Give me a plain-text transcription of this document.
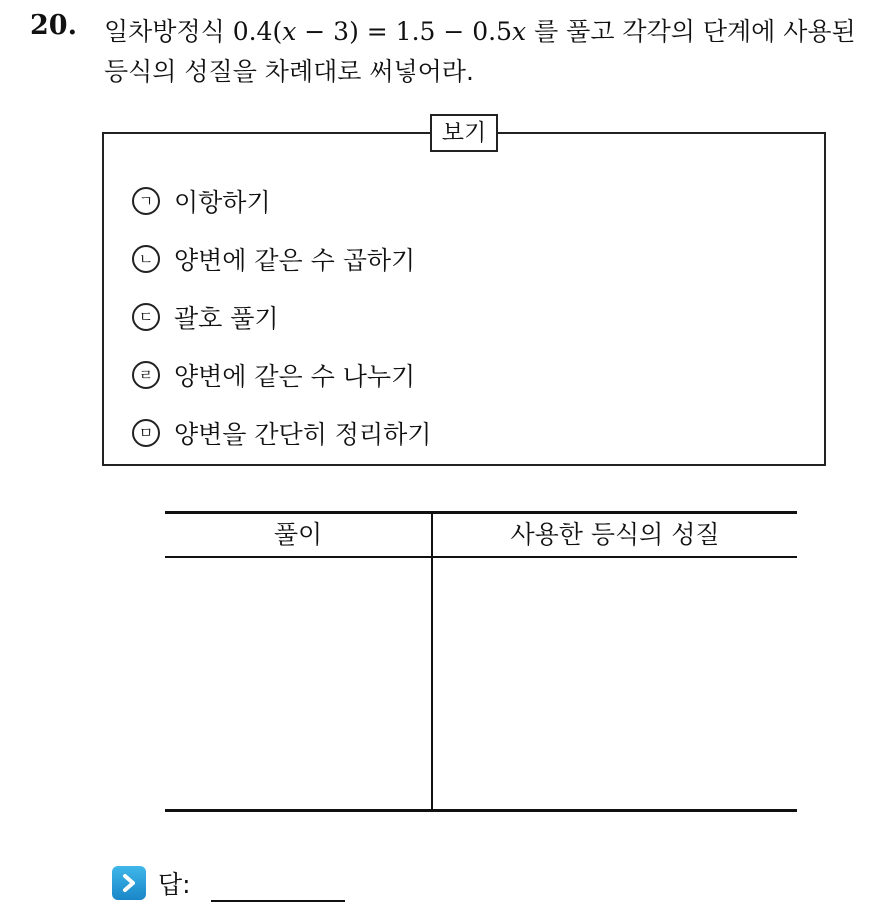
20. 일차방정식 0.4(x − 3) = 1.5 − 0.5x 를 풀고 각각의 단계에 사용된 등식의 성질을 차례대로 써넣어라.
보기
ㄱ 이항하기
ㄴ 양변에 같은 수 곱하기
ㄷ 괄호 풀기
ㄹ 양변에 같은 수 나누기
ㅁ 양변을 간단히 정리하기
풀이	사용한 등식의 성질
답:
